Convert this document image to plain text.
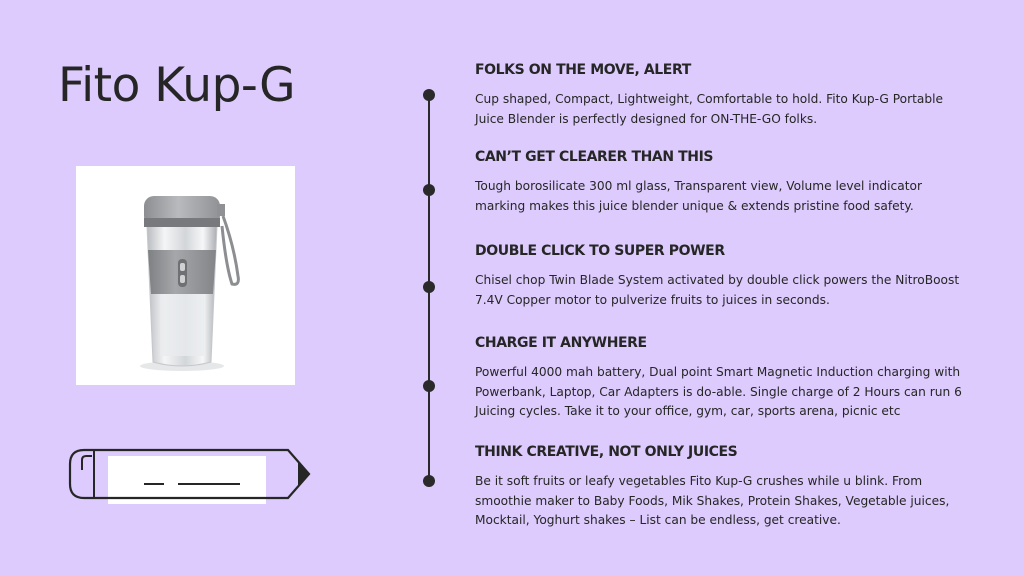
Fito Kup-G	FOLKS ON THE MOVE, ALERT

Cup shaped, Compact, Lightweight, Comfortable to hold. Fito Kup-G Portable Juice Blender is perfectly designed for ON-THE-GO folks.

CAN’T GET CLEARER THAN THIS

Tough borosilicate 300 ml glass, Transparent view, Volume level indicator marking makes this juice blender unique & extends pristine food safety.

DOUBLE CLICK TO SUPER POWER

Chisel chop Twin Blade System activated by double click powers the NitroBoost 7.4V Copper motor to pulverize fruits to juices in seconds.

CHARGE IT ANYWHERE

Powerful 4000 mah battery, Dual point Smart Magnetic Induction charging with Powerbank, Laptop, Car Adapters is do-able. Single charge of 2 Hours can run 6 Juicing cycles. Take it to your office, gym, car, sports arena, picnic etc

THINK CREATIVE, NOT ONLY JUICES

Be it soft fruits or leafy vegetables Fito Kup-G crushes while u blink. From smoothie maker to Baby Foods, Mik Shakes, Protein Shakes, Vegetable juices, Mocktail, Yoghurt shakes – List can be endless, get creative.
